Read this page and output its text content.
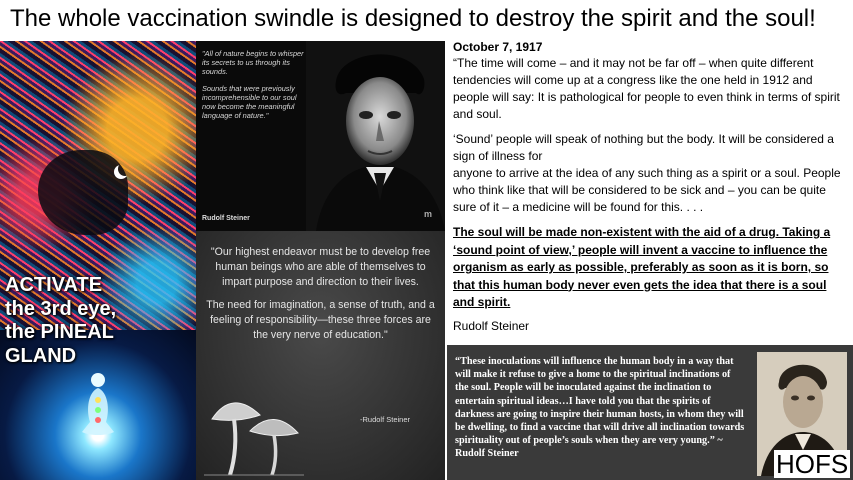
The whole vaccination swindle is designed to destroy the spirit and the soul!
ACTIVATE
the 3rd eye,
the PINEAL
GLAND

"All of nature begins to whisper its secrets to us through its sounds.

Sounds that were previously incomprehensible to our soul now become the meaningful language of nature."

Rudolf Steiner	m

"Our highest endeavor must be to develop free human beings who are able of themselves to impart purpose and direction to their lives.

The need for imagination, a sense of truth, and a feeling of responsibility—these three forces are the very nerve of education."

-Rudolf Steiner
October 7, 1917

“The time will come – and it may not be far off – when quite different tendencies will come up at a congress like the one held in 1912 and people will say: It is pathological for people to even think in terms of spirit and soul.

‘Sound’ people will speak of nothing but the body. It will be considered a sign of illness for
anyone to arrive at the idea of any such thing as a spirit or a soul. People who think like that will be considered to be sick and – you can be quite sure of it – a medicine will be found for this. . . .

The soul will be made non-existent with the aid of a drug. Taking a ‘sound point of view,’ people will invent a vaccine to influence the organism as early as possible, preferably as soon as it is born, so that this human body never even gets the idea that there is a soul and spirit.

Rudolf Steiner
“These inoculations will influence the human body in a way that will make it refuse to give a home to the spiritual inclinations of the soul. People will be inoculated against the inclination to entertain spiritual ideas…I have told you that the spirits of darkness are going to inspire their human hosts, in whom they will be dwelling, to find a vaccine that will drive all inclination towards spirituality out of people’s souls when they are very young.” ~ Rudolf Steiner	HOFS
